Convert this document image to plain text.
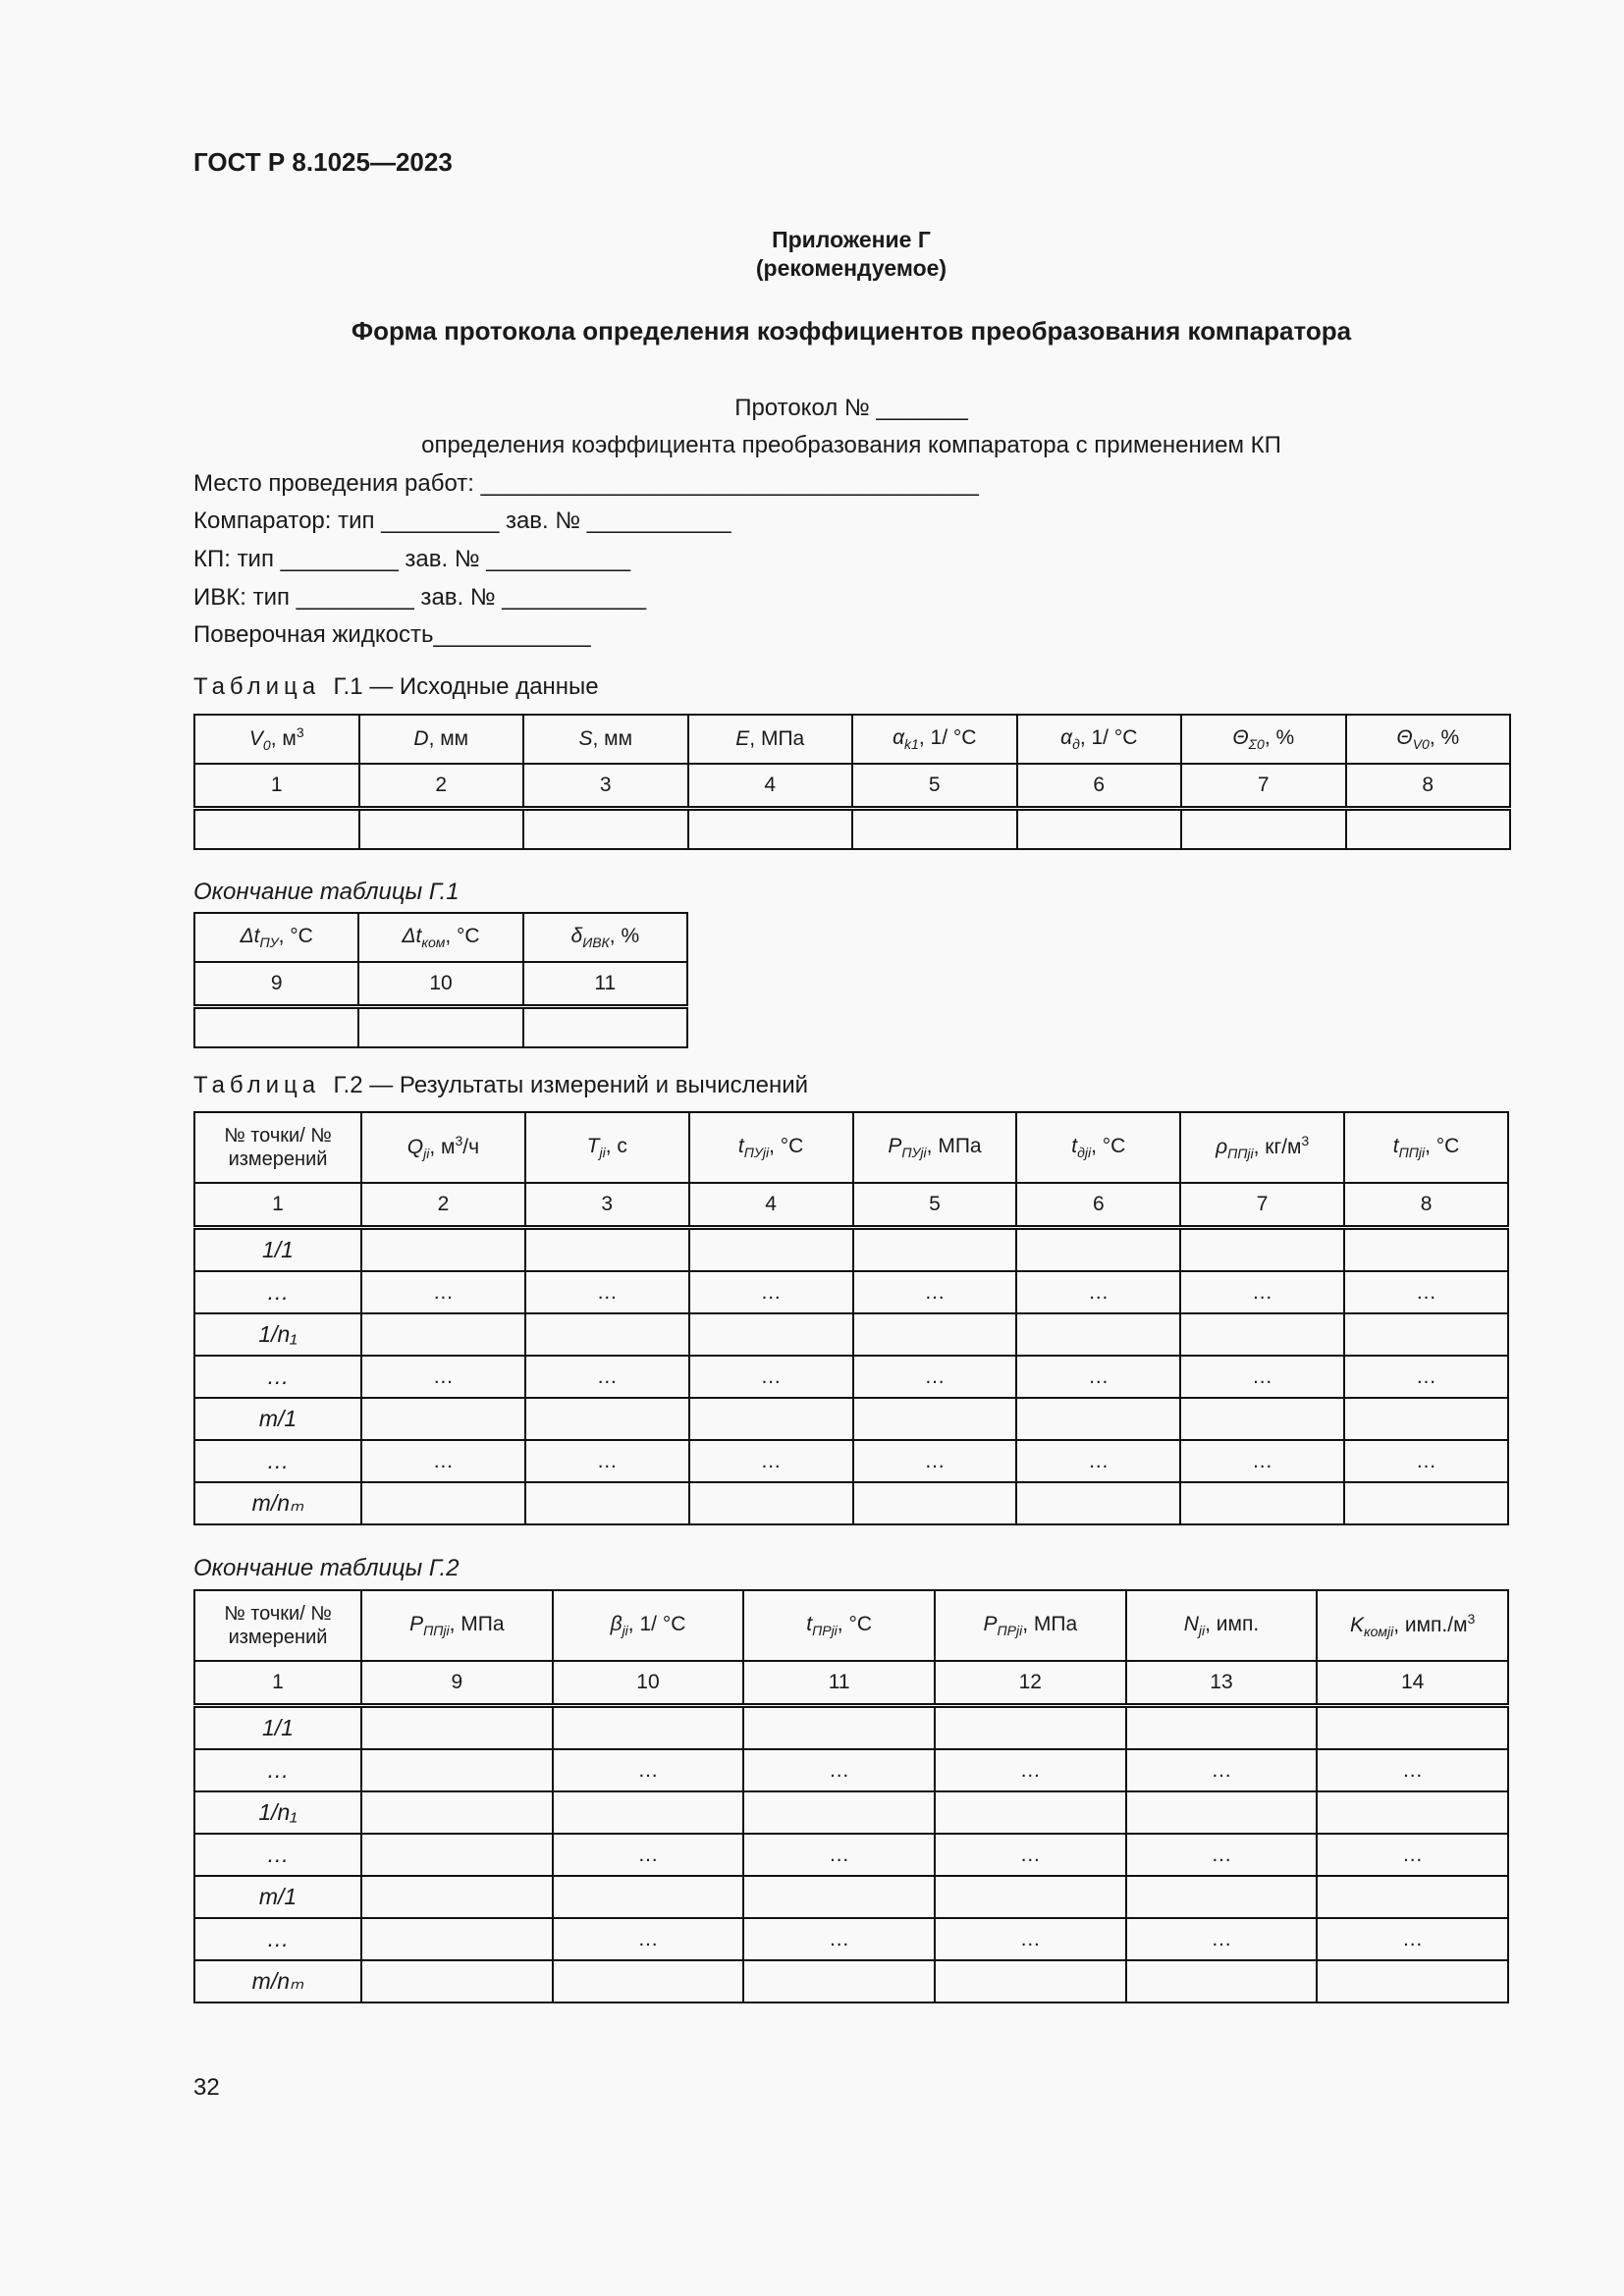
ГОСТ Р 8.1025—2023
Приложение Г
(рекомендуемое)
Форма протокола определения коэффициентов преобразования компаратора
Протокол № _______
определения коэффициента преобразования компаратора с применением КП
Место проведения работ: ______________________________________
Компаратор: тип _________ зав. № ___________
КП: тип _________ зав. № ___________
ИВК: тип _________ зав. № ___________
Поверочная жидкость____________
Таблица Г.1 — Исходные данные
$V_0$, $м^3$	D, мм	S, мм	E, МПа	$\alpha_{k1}$, 1/ °С	$\alpha_д$, 1/ °С	$\Theta_{\Sigma 0}$, %	$\Theta_{V0}$, %
1	2	3	4	5	6	7	8

Окончание таблицы Г.1
$\Delta t_{ПУ}$, °С	$\Delta t_{ком}$, °С	$\delta_{ИВК}$, %
9	10	11

Таблица Г.2 — Результаты измерений и вычислений
№ точки/ № измерений	$Q_{ji}$, $м^3/ч$	$T_{ji}$, с	$t_{ПУji}$, °С	$P_{ПУji}$, МПа	$t_{дji}$, °С	$\rho_{ППji}$, $кг/м^3$	$t_{ППji}$, °С
1	2	3	4	5	6	7	8
1/1							
…	…	…	…	…	…	…	…
1/n₁							
…	…	…	…	…	…	…	…
m/1							
…	…	…	…	…	…	…	…
m/nₘ							
Окончание таблицы Г.2
№ точки/ № измерений	$P_{ППji}$, МПа	$\beta_{ji}$, 1/ °С	$t_{ПРji}$, °С	$P_{ПРji}$, МПа	$N_{ji}$, имп.	$K_{комji}$, $имп./м^3$
1	9	10	11	12	13	14
1/1						
…		…	…	…	…	…
1/n₁						
…		…	…	…	…	…
m/1						
…		…	…	…	…	…
m/nₘ						
32
